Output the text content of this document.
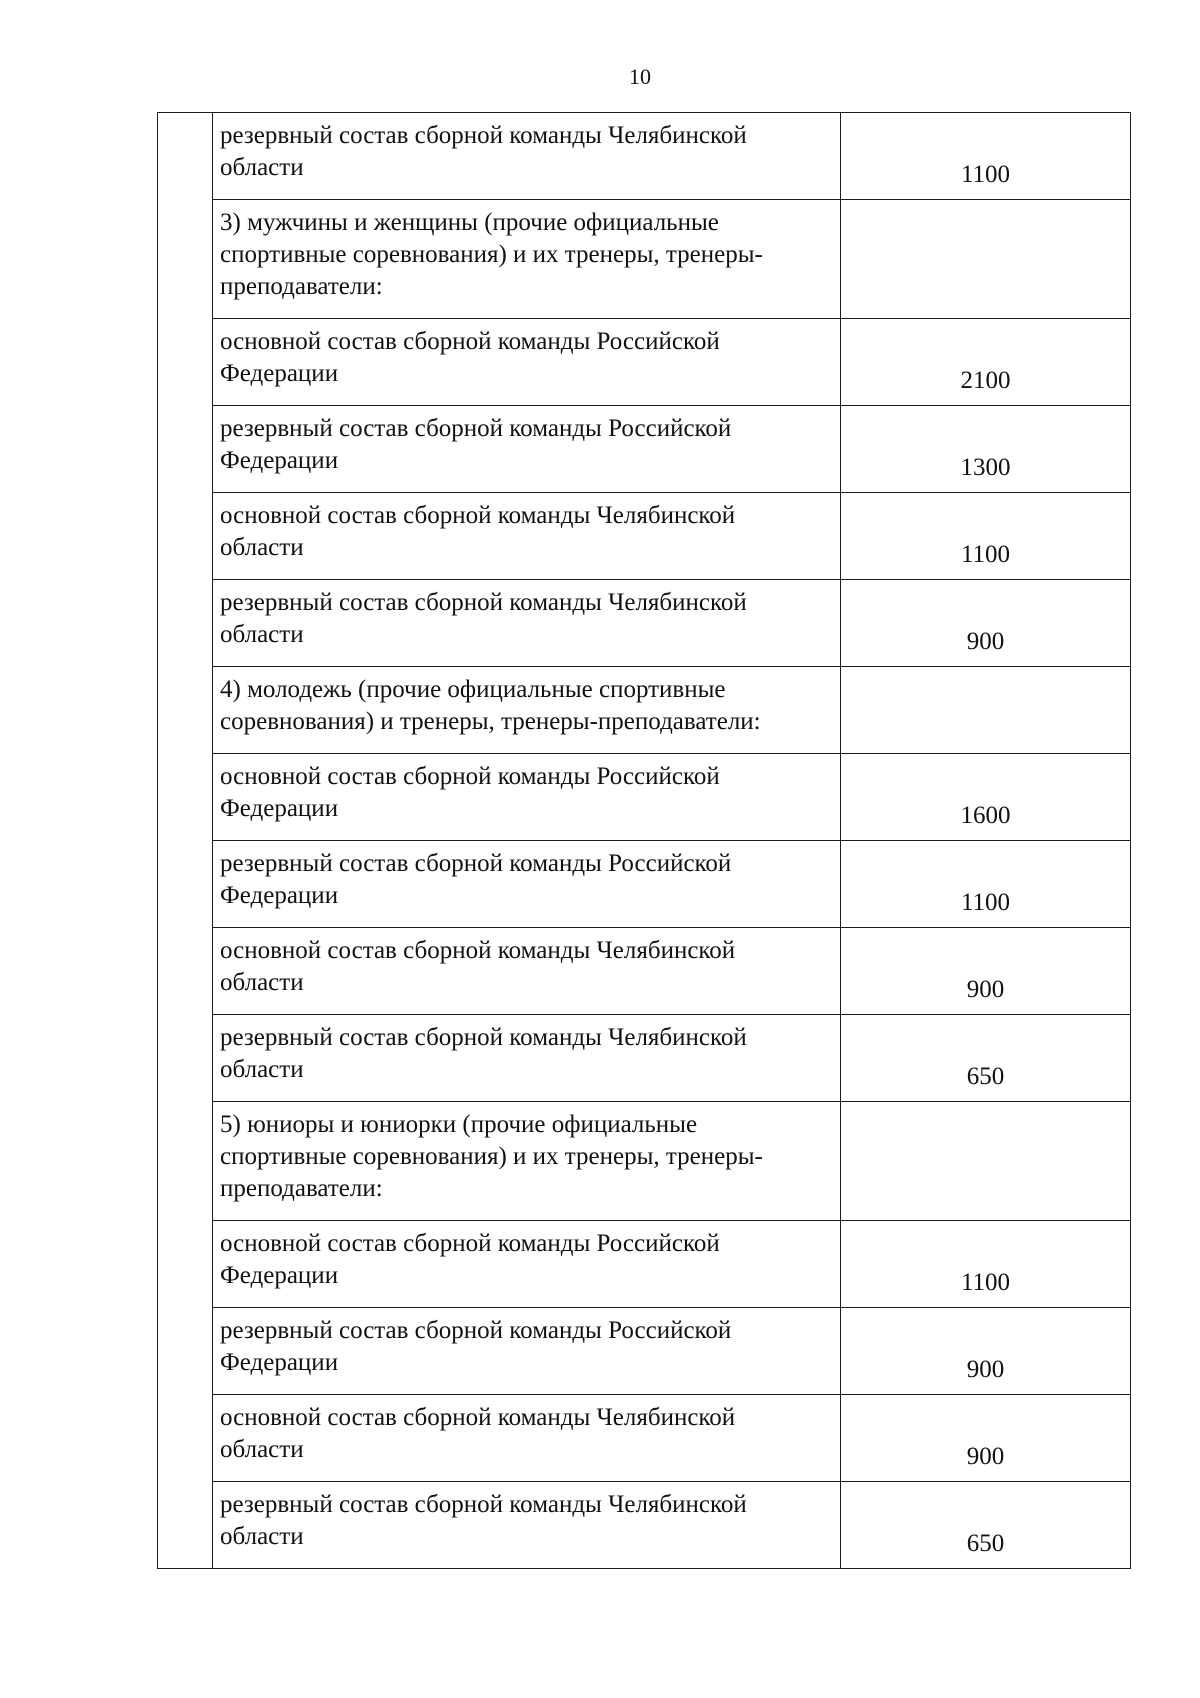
10

	резервный состав сборной команды Челябинской
области	1100

	3) мужчины и женщины (прочие официальные
спортивные соревнования) и их тренеры, тренеры-
преподаватели:	

	основной состав сборной команды Российской
Федерации	2100

	резервный состав сборной команды Российской
Федерации	1300

	основной состав сборной команды Челябинской
области	1100

	резервный состав сборной команды Челябинской
области	900

	4) молодежь (прочие официальные спортивные
соревнования) и тренеры, тренеры-преподаватели:	

	основной состав сборной команды Российской
Федерации	1600

	резервный состав сборной команды Российской
Федерации	1100

	основной состав сборной команды Челябинской
области	900

	резервный состав сборной команды Челябинской
области	650

	5) юниоры и юниорки (прочие официальные
спортивные соревнования) и их тренеры, тренеры-
преподаватели:	

	основной состав сборной команды Российской
Федерации	1100

	резервный состав сборной команды Российской
Федерации	900

	основной состав сборной команды Челябинской
области	900

	резервный состав сборной команды Челябинской
области	650
